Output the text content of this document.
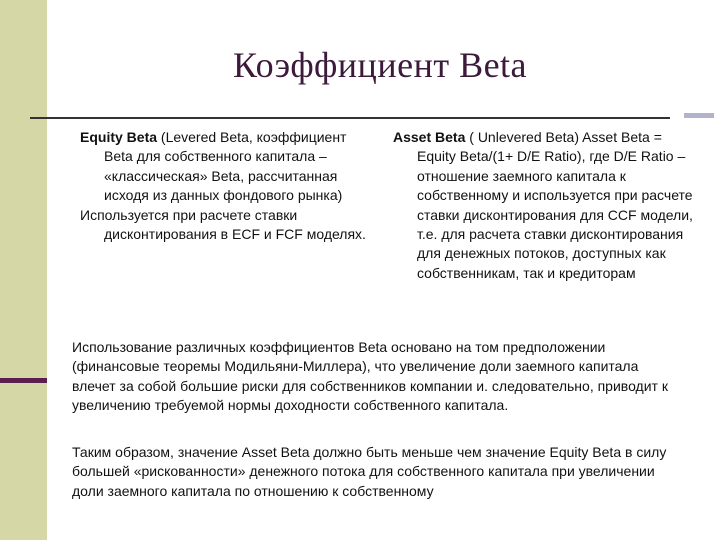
Коэффициент Beta

Equity Beta (Levered Beta, коэффициент Beta для собственного капитала – «классическая» Beta, рассчитанная исходя из данных фондового рынка)

Используется при расчете ставки дисконтирования в ECF и FCF моделях.

Asset Beta ( Unlevered Beta) Asset Beta = Equity Beta/(1+ D/E Ratio), где D/E Ratio – отношение заемного капитала к собственному и используется при расчете ставки дисконтирования для CCF модели, т.е. для расчета ставки дисконтирования для денежных потоков, доступных как собственникам, так и кредиторам

Использование различных коэффициентов Beta основано на том предположении (финансовые теоремы Модильяни-Миллера), что увеличение доли заемного капитала влечет за собой большие риски для собственников компании и. следовательно, приводит к увеличению требуемой нормы доходности собственного капитала.

Таким образом, значение Asset Beta должно быть меньше чем значение Equity Beta в силу большей «рискованности» денежного потока для собственного капитала при увеличении доли заемного капитала по отношению к собственному
